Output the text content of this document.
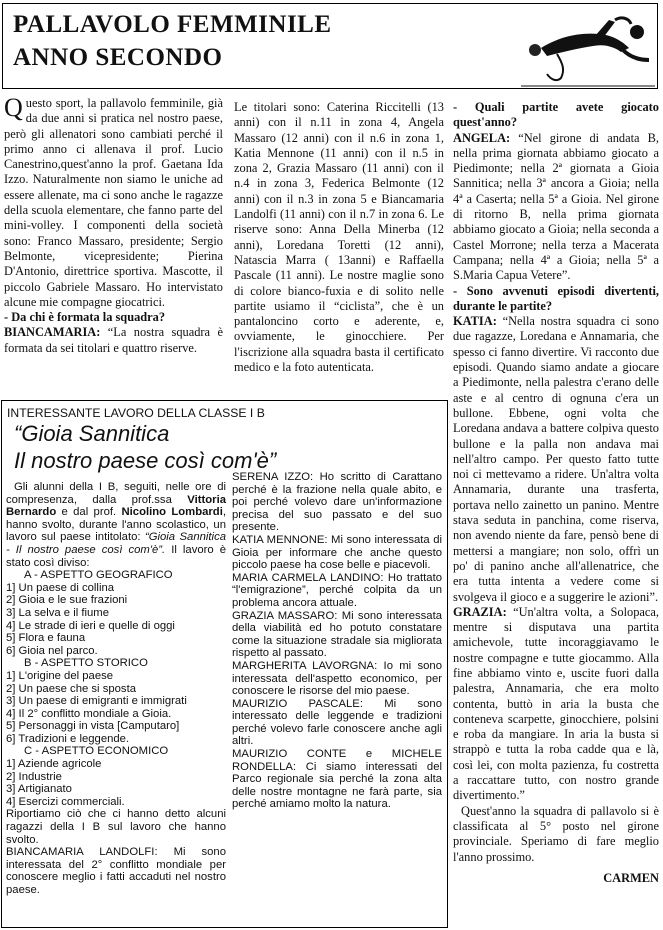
PALLAVOLO FEMMINILE
ANNO SECONDO

Questo sport, la pallavolo femminile, già da due anni si pratica nel nostro paese, però gli allenatori sono cambiati perché il primo anno ci allenava il prof. Lucio Canestrino,quest'anno la prof. Gaetana Ida Izzo. Naturalmente non siamo le uniche ad essere allenate, ma ci sono anche le ragazze della scuola elementare, che fanno parte del mini-volley. I componenti della società sono: Franco Massaro, presidente; Sergio Belmonte, vicepresidente; Pierina D'Antonio, direttrice sportiva. Mascotte, il piccolo Gabriele Massaro. Ho intervistato alcune mie compagne giocatrici.

- Da chi è formata la squadra?

BIANCAMARIA: “La nostra squadra è formata da sei titolari e quattro riserve.

Le titolari sono: Caterina Riccitelli (13 anni) con il n.11 in zona 4, Angela Massaro (12 anni) con il n.6 in zona 1, Katia Mennone (11 anni) con il n.5 in zona 2, Grazia Massaro (11 anni) con il n.4 in zona 3, Federica Belmonte (12 anni) con il n.3 in zona 5 e Biancamaria Landolfi (11 anni) con il n.7 in zona 6. Le riserve sono: Anna Della Minerba (12 anni), Loredana Toretti (12 anni), Natascia Marra ( 13anni) e Raffaella Pascale (11 anni). Le nostre maglie sono di colore bianco-fuxia e di solito nelle partite usiamo il “ciclista”, che è un pantaloncino corto e aderente, e, ovviamente, le ginocchiere. Per l'iscrizione alla squadra basta il certificato medico e la foto autenticata.

- Quali partite avete giocato quest'anno?

ANGELA: “Nel girone di andata B, nella prima giornata abbiamo giocato a Piedimonte; nella 2ª giornata a Gioia Sannitica; nella 3ª ancora a Gioia; nella 4ª a Caserta; nella 5ª a Gioia. Nel girone di ritorno B, nella prima giornata abbiamo giocato a Gioia; nella seconda a Castel Morrone; nella terza a Macerata Campana; nella 4ª a Gioia; nella 5ª a S.Maria Capua Vetere”.

- Sono avvenuti episodi divertenti, durante le partite?

KATIA: “Nella nostra squadra ci sono due ragazze, Loredana e Annamaria, che spesso ci fanno divertire. Vi racconto due episodi. Quando siamo andate a giocare a Piedimonte, nella palestra c'erano delle aste e al centro di ognuna c'era un bullone. Ebbene, ogni volta che Loredana andava a battere colpiva questo bullone e la palla non andava mai nell'altro campo. Per questo fatto tutte noi ci mettevamo a ridere. Un'altra volta Annamaria, durante una trasferta, portava nello zainetto un panino. Mentre stava seduta in panchina, come riserva, non avendo niente da fare, pensò bene di mettersi a mangiare; non solo, offrì un po' di panino anche all'allenatrice, che era tutta intenta a vedere come si svolgeva il gioco e a suggerire le azioni”.

GRAZIA: “Un'altra volta, a Solopaca, mentre si disputava una partita amichevole, tutte incoraggiavamo le nostre compagne e tutte giocammo. Alla fine abbiamo vinto e, uscite fuori dalla palestra, Annamaria, che era molto contenta, buttò in aria la busta che conteneva scarpette, ginocchiere, polsini e roba da mangiare. In aria la busta si strappò e tutta la roba cadde qua e là, così lei, con molta pazienza, fu costretta a raccattare tutto, con nostro grande divertimento.”

Quest'anno la squadra di pallavolo si è classificata al 5° posto nel girone provinciale. Speriamo di fare meglio l'anno prossimo.

CARMEN

INTERESSANTE LAVORO DELLA CLASSE I B
“Gioia Sannitica
Il nostro paese così com'è”

Gli alunni della I B, seguiti, nelle ore di compresenza, dalla prof.ssa Vittoria Bernardo e dal prof. Nicolino Lombardi, hanno svolto, durante l'anno scolastico, un lavoro sul paese intitolato: “Gioia Sannitica - Il nostro paese così com'è”. Il lavoro è stato così diviso:

A - ASPETTO GEOGRAFICO
1] Un paese di collina
2] Gioia e le sue frazioni
3] La selva e il fiume
4] Le strade di ieri e quelle di oggi
5] Flora e fauna
6] Gioia nel parco.
B - ASPETTO STORICO
1] L'origine del paese
2] Un paese che si sposta
3] Un paese di emigranti e immigrati
4] Il 2° conflitto mondiale a Gioia.
5] Personaggi in vista [Camputaro]
6] Tradizioni e leggende.
C - ASPETTO ECONOMICO
1] Aziende agricole
2] Industrie
3] Artigianato
4] Esercizi commerciali.

Riportiamo ciò che ci hanno detto alcuni ragazzi della I B sul lavoro che hanno svolto.

BIANCAMARIA LANDOLFI: Mi sono interessata del 2° conflitto mondiale per conoscere meglio i fatti accaduti nel nostro paese.

SERENA IZZO: Ho scritto di Carattano perché è la frazione nella quale abito, e poi perché volevo dare un'informazione precisa del suo passato e del suo presente.

KATIA MENNONE: Mi sono interessata di Gioia per informare che anche questo piccolo paese ha cose belle e piacevoli.

MARIA CARMELA LANDINO: Ho trattato “l'emigrazione”, perché colpita da un problema ancora attuale.

GRAZIA MASSARO: Mi sono interessata della viabilità ed ho potuto constatare come la situazione stradale sia migliorata rispetto al passato.

MARGHERITA LAVORGNA: Io mi sono interessata dell'aspetto economico, per conoscere le risorse del mio paese.

MAURIZIO PASCALE: Mi sono interessato delle leggende e tradizioni perché volevo farle conoscere anche agli altri.

MAURIZIO CONTE e MICHELE RONDELLA: Ci siamo interessati del Parco regionale sia perché la zona alta delle nostre montagne ne farà parte, sia perché amiamo molto la natura.
